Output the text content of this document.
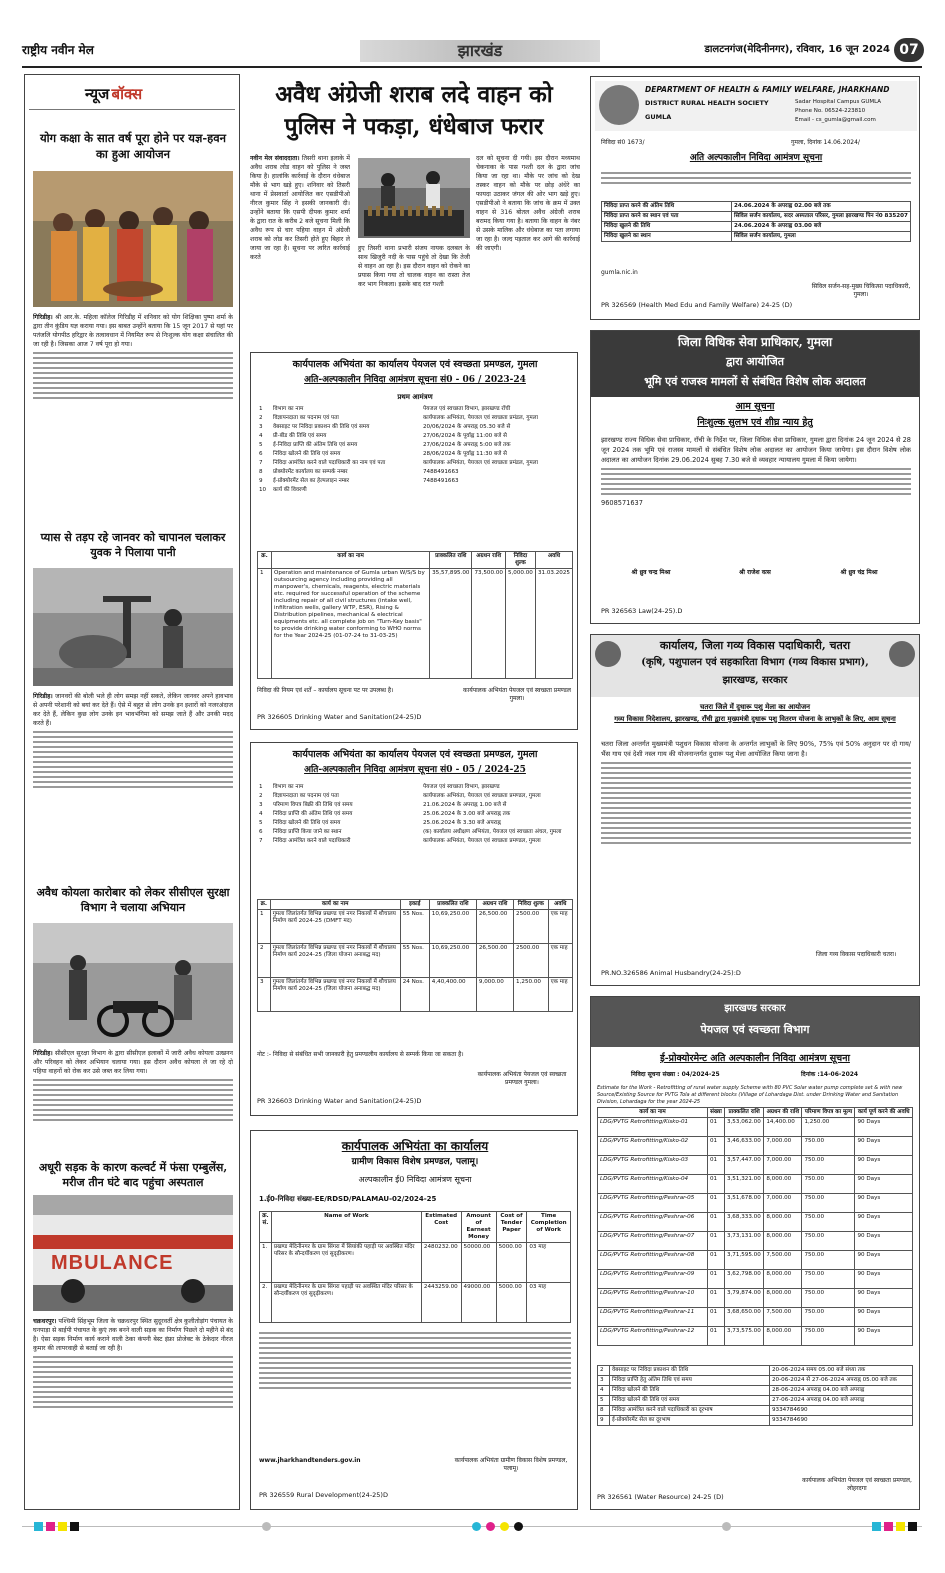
राष्ट्रीय नवीन मेल	झारखंड	डालटनगंज(मेदिनीनगर), रविवार, 16 जून 2024 07
न्यूज बॉक्स
योग कक्षा के सात वर्ष पूरा होने पर यज्ञ-हवन का हुआ आयोजन
गिरिडीह। श्री आर.के. महिला कॉलेज गिरिडीह में शनिवार को योग शिक्षिका पुष्पा शर्मा के द्वारा तीन कुंडिय यज्ञ कराया गया। इस बाबत उन्होंने बताया कि 15 जून 2017 से यहां पर पतंजलि योगपीठ हरिद्वार के तत्वावधान में नियमित रूप से निःशुल्क योग कक्षा संचालित की जा रही है। जिसका आज 7 वर्ष पूरा हो गया।
प्यास से तड़प रहे जानवर को चापानल चलाकर युवक ने पिलाया पानी
गिरिडीह। जानवरों की बोली भले ही लोग समझ नहीं सकते, लेकिन जानवर अपने हावभाव से अपनी परेशानी को बयां कर देते हैं। ऐसे में बहुत से लोग उनके इन इशारों को नजरअंदाज कर देते हैं, लेकिन कुछ लोग उनके इन भावभंगिमा को समझ जाते हैं और उनकी मदद करते हैं।
अवैध कोयला कारोबार को लेकर सीसीएल सुरक्षा विभाग ने चलाया अभियान
गिरिडीह। सीसीएल सुरक्षा विभाग के द्वारा सीसीएल इलाकों में जारी अवैध कोयला उत्खनन और परिवहन को लेकर अभियान चलाया गया। इस दौरान अवैध कोयला ले जा रहे दो पहिया वाहनों को रोक कर उसे जब्त कर लिया गया।
अधूरी सड़क के कारण कल्वर्ट में फंसा एम्बुलेंस, मरीज तीन घंटे बाद पहुंचा अस्पताल
MBULANCE
चक्रधरपुर। पश्चिमी सिंहभूम जिला के चक्रधरपुर स्थित सुदूरवर्ती क्षेत्र कुलीतोड़ांग पंचायत के घनपाड़ा से बाईपी पंचायत के कुएं तक बनने वाली सड़क का निर्माण पिछले दो महीने से बंद है। ऐसा सड़क निर्माण कार्य कराने वाली ठेका कंपनी बेस्ट इंफ्रा प्रोजेक्ट के ठेकेदार नीरज कुमार की लापरवाही से बताई जा रही है।
अवैध अंग्रेजी शराब लदे वाहन को
पुलिस ने पकड़ा, धंधेबाज फरार
नवीन मेल संवाददाता। तिसरी थाना इलाके में अवैध शराब लोड वाहन को पुलिस ने जब्त किया है। हालांकि कार्रवाई के दौरान धंधेबाज मौके से भाग खड़े हुए। शनिवार को तिसरी थाना में प्रेसवार्ता आयोजित कर एसडीपीओ नीरज कुमार सिंह ने इसकी जानकारी दी। उन्होंने बताया कि एसपी दीपक कुमार शर्मा के द्वारा रात के करीब 2 बजे सूचना मिली कि अवैध रूप से चार पहिया वाहन में अंग्रेजी शराब को लोड कर तिसरी होते हुए बिहार ले जाया जा रहा है। सूचना पर त्वरित कार्रवाई करते
हुए तिसरी थाना प्रभारी संजय नायक दलबल के साथ खिजुरी नदी के पास पहुंचे तो देखा कि तेजी से वाहन आ रहा है। इस दौरान वाहन को रोकने का प्रयास किया गया तो चालक वाहन का रास्ता तेज कर भाग निकला। इसके बाद रात गश्ती
दल को सूचना दी गयी। इस दौरान मध्यमाथ चेकनाका के पास गश्ती दल के द्वारा जांच किया जा रहा था। मौके पर जांच को देख तस्कर वाहन को मौके पर छोड़ अंधेरे का फायदा उठाकर जंगल की ओर भाग खड़े हुए। एसडीपीओ ने बताया कि जांच के क्रम में उक्त वाहन से 316 बोतल अवैध अंग्रेजी शराब बरामद किया गया है। बताया कि वाहन के नंबर से उसके मालिक और धंधेबाज का पता लगाया जा रहा है। जल्द पड़ताल कर आगे की कार्रवाई की जाएगी।
कार्यपालक अभियंता का कार्यालय पेयजल एवं स्वच्छता प्रमण्डल, गुमला
अति-अल्पकालीन निविदा आमंत्रण सूचना सं0 - 06 / 2023-24
प्रथम आमंत्रण
1	विभाग का नाम	पेयजल एवं स्वच्छता विभाग, झारखण्ड राँची
2	विज्ञापनदाता का पदनाम एवं पता	कार्यपालक अभियंता, पेयजल एवं स्वच्छता प्रमंडल, गुमला
3	वेबसाइट पर निविदा प्रकाशन की तिथि एवं समय	20/06/2024 के अपराह्न 05.30 बजे से
4	प्री-बीड की तिथि एवं समय	27/06/2024 के पूर्वाह्न 11:00 बजे से
5	ई-निविदा प्राप्ति की अंतिम तिथि एवं समय	27/06/2024 के अपराह्न 5:00 बजे तक
6	निविदा खोलने की तिथि एवं समय	28/06/2024 के पूर्वाह्न 11:30 बजे से
7	निविदा आमंत्रित करने वाले पदाधिकारी का नाम एवं पता	कार्यपालक अभियंता, पेयजल एवं स्वच्छता प्रमंडल, गुमला
8	प्रोक्योरमेंट कार्यालय का सम्पर्क नम्बर	7488491663
9	ई-प्रोक्योरमेंट सेल का हेल्पलाइन नम्बर	7488491663
10	कार्य की विवरणी	
क्र.	कार्य का नाम	प्राक्कलित राशि	अग्रधन राशि	निविदा शुल्क	अवधि
1	Operation and maintenance of Gumla urban W/S/S by outsourcing agency including providing all manpower's, chemicals, reagents, electric materials etc. required for successful operation of the scheme including repair of all civil structures (intake well, infiltration wells, gallery WTP, ESR), Rising & Distribution pipelines, mechanical & electrical equipments etc. all complete job on "Turn-Key basis" to provide drinking water conforming to WHO norms for the Year 2024-25 (01-07-24 to 31-03-25)	35,57,895.00	73,500.00	5,000.00	31.03.2025
निविदा की नियम एवं शर्तें – कार्यालय सूचना पट पर उपलब्ध है।	कार्यपालक अभियंता पेयजल एवं स्वच्छता प्रमण्डल गुमला।
PR 326605 Drinking Water and Sanitation(24-25)D
कार्यपालक अभियंता का कार्यालय पेयजल एवं स्वच्छता प्रमण्डल, गुमला
अति-अल्पकालीन निविदा आमंत्रण सूचना सं0 - 05 / 2024-25
1	विभाग का नाम	पेयजल एवं स्वच्छता विभाग, झारखण्ड
2	विज्ञापनदाता का पदनाम एवं पता	कार्यपालक अभियंता, पेयजल एवं स्वच्छता प्रमण्डल, गुमला
3	परिमाण विपत्र बिक्री की तिथि एवं समय	21.06.2024 के अपराह्न 1.00 बजे से
4	निविदा प्राप्ति की अंतिम तिथि एवं समय	25.06.2024 के 3.00 बजे अपराह्न तक
5	निविदा खोलने की तिथि एवं समय	25.06.2024 के 3.30 बजे अपराह्न
6	निविदा प्राप्ति किया जाने का स्थान	(क) कार्यालय अधीक्षण अभियंता, पेयजल एवं स्वच्छता अंचल, गुमला
7	निविदा आमंत्रित करने वाले पदाधिकारी	कार्यपालक अभियंता, पेयजल एवं स्वच्छता प्रमण्डल, गुमला
क्र.	कार्य का नाम	इकाई	प्राक्कलित राशि	अग्रधन राशि	निविदा शुल्क	अवधि
1	गुमला जिलांतर्गत विभिन्न प्रखण्ड एवं नगर निकायों में शौचालय निर्माण कार्य 2024-25 (DMFT मद)	55 Nos.	10,69,250.00	26,500.00	2500.00	एक माह
2	गुमला जिलांतर्गत विभिन्न प्रखण्ड एवं नगर निकायों में शौचालय निर्माण कार्य 2024-25 (जिला योजना अनाबद्ध मद)	55 Nos.	10,69,250.00	26,500.00	2500.00	एक माह
3	गुमला जिलांतर्गत विभिन्न प्रखण्ड एवं नगर निकायों में शौचालय निर्माण कार्य 2024-25 (जिला योजना अनाबद्ध मद)	24 Nos.	4,40,400.00	9,000.00	1,250.00	एक माह
नोट :- निविदा से संबंधित सभी जानकारी हेतु प्रमण्डलीय कार्यालय से सम्पर्क किया जा सकता है।
कार्यपालक अभियंता पेयजल एवं स्वच्छता प्रमण्डल गुमला।
PR 326603 Drinking Water and Sanitation(24-25)D
कार्यपालक अभियंता का कार्यालय
ग्रामीण विकास विशेष प्रमण्डल, पलामू।
अल्पकालीन ई0 निविदा आमंत्रण सूचना
1.ई0-निविदा संख्या-EE/RDSD/PALAMAU-02/2024-25
क्र. सं.	Name of Work	Estimated Cost	Amount of Earnest Money	Cost of Tender Paper	Time Completion of Work
1.	प्रखण्ड मेदिनीनगर के ग्राम सिंगरा में सियांकी पहाड़ी पर अवस्थित मंदिर परिसर के सौन्दर्यीकरण एवं सुदृढ़ीकरण।	2480232.00	50000.00	5000.00	03 माह
2.	प्रखण्ड मेदिनीनगर के ग्राम सिंगरा पहाड़ी पर अवस्थित मंदिर परिसर के सौन्दर्यीकरण एवं सुदृढ़ीकरण।	2443259.00	49000.00	5000.00	03 माह
www.jharkhandtenders.gov.in	कार्यपालक अभियंता ग्रामीण विकास विशेष प्रमण्डल, पलामू।
PR 326559 Rural Development(24-25)D
DEPARTMENT OF HEALTH & FAMILY WELFARE, JHARKHAND
DISTRICT RURAL HEALTH SOCIETY
GUMLA
Sadar Hospital Campus GUMLA
Phone No. 06524-223810
Email - cs_gumla@gmail.com
निविदा सं0 1673/	गुमला, दिनांक 14.06.2024/
अति अल्पकालीन निविदा आमंत्रण सूचना
निविदा प्राप्त करने की अंतिम तिथि	24.06.2024 के अपराह्न 02.00 बजे तक
निविदा प्राप्त करने का स्थान एवं पता	सिविल सर्जन कार्यालय, सदर अस्पताल परिसर, गुमला झारखण्ड पिन नं0 835207
निविदा खुलने की तिथि	24.06.2024 के अपराह्न 03.00 बजे
निविदा खुलने का स्थान	सिविल सर्जन कार्यालय, गुमला
gumla.nic.in
सिविल सर्जन-सह-मुख्य चिकित्सा पदाधिकारी, गुमला।
PR 326569 (Health Med Edu and Family Welfare) 24-25 (D)
जिला विधिक सेवा प्राधिकार, गुमला
द्वारा आयोजित
भूमि एवं राजस्व मामलों से संबंधित विशेष लोक अदालत
आम सूचना
निःशुल्क सुलभ एवं शीघ्र न्याय हेतु
झारखण्ड राज्य विधिक सेवा प्राधिकार, राँची के निर्देश पर, जिला विधिक सेवा प्राधिकार, गुमला द्वारा दिनांक 24 जून 2024 से 28 जून 2024 तक भूमि एवं राजस्व मामलों से संबंधित विशेष लोक अदालत का आयोजन किया जायेगा। इस दौरान विशेष लोक अदालत का आयोजन दिनांक 29.06.2024 सुबह 7.30 बजे से व्यवहार न्यायालय गुमला में किया जायेगा।
9608571637
श्री ध्रुव चन्द्र मिश्रा	श्री राजेश वत्स	श्री ध्रुव चंद्र मिश्रा
PR 326563 Law(24-25).D
कार्यालय, जिला गव्य विकास पदाधिकारी, चतरा
(कृषि, पशुपालन एवं सहकारिता विभाग (गव्य विकास प्रभाग),
झारखण्ड, सरकार
चतरा जिले में दुधारू पशु मेला का आयोजन
गव्य विकास निदेशालय, झारखण्ड, राँची द्वारा मुख्यमंत्री दुधारू पशु वितरण योजना के लाभुकों के लिए, आम सूचना
चतरा जिला अन्तर्गत मुख्यमंत्री पशुधन विकास योजना के अन्तर्गत लाभुकों के लिए 90%, 75% एवं 50% अनुदान पर दो गाय/भैंस गाय एवं देशी नस्ल गाय की योजनान्तर्गत दुधारू पशु मेला आयोजित किया जाना है।
जिला गव्य विकास पदाधिकारी चतरा।
PR.NO.326586 Animal Husbandry(24-25):D
झारखण्ड सरकार
पेयजल एवं स्वच्छता विभाग
ई-प्रोक्योरमेन्ट अति अल्पकालीन निविदा आमंत्रण सूचना
निविदा सूचना संख्या : 04/2024-25	दिनांक :14-06-2024
Estimate for the Work - Retrofitting of rural water supply Scheme with 80 PVC Solar water pump complete set & with new Source/Existing Source for PVTG Tola at different blocks (Village of Lohardaga Dist. under Drinking Water and Sanitation Division, Lohardaga for the year 2024-25
कार्य का नाम	संख्या	प्राक्कलित राशि	अग्रधन की राशि	परिमाण विपत्र का मूल्य	कार्य पूर्ण करने की अवधि
LDG/PVTG Retrofitting/Kisko-01	01	3,53,062.00	14,400.00	1,250.00	90 Days
LDG/PVTG Retrofitting/Kisko-02	01	3,46,633.00	7,000.00	750.00	90 Days
LDG/PVTG Retrofitting/Kisko-03	01	3,57,447.00	7,000.00	750.00	90 Days
LDG/PVTG Retrofitting/Kisko-04	01	3,51,321.00	8,000.00	750.00	90 Days
LDG/PVTG Retrofitting/Peshrar-05	01	3,51,678.00	7,000.00	750.00	90 Days
LDG/PVTG Retrofitting/Peshrar-06	01	3,68,333.00	8,000.00	750.00	90 Days
LDG/PVTG Retrofitting/Peshrar-07	01	3,73,131.00	8,000.00	750.00	90 Days
LDG/PVTG Retrofitting/Peshrar-08	01	3,71,595.00	7,500.00	750.00	90 Days
LDG/PVTG Retrofitting/Peshrar-09	01	3,62,798.00	8,000.00	750.00	90 Days
LDG/PVTG Retrofitting/Peshrar-10	01	3,79,874.00	8,000.00	750.00	90 Days
LDG/PVTG Retrofitting/Peshrar-11	01	3,68,650.00	7,500.00	750.00	90 Days
LDG/PVTG Retrofitting/Peshrar-12	01	3,73,575.00	8,000.00	750.00	90 Days
2	वेबसाइट पर निविदा प्रकाशन की तिथि	20-06-2024 समय 05.00 बजे संध्या तक
3	निविदा प्राप्ति हेतु अंतिम तिथि एवं समय	20-06-2024 से 27-06-2024 अपराह्न 05.00 बजे तक
4	निविदा खोलने की तिथि	28-06-2024 अपराह्न 04.00 बजे अपराह्न
5	निविदा खोलने की तिथि एवं समय	27-06-2024 अपराह्न 04.00 बजे अपराह्न
8	निविदा आमंत्रित करने वाले पदाधिकारी का दूरभाष	9334784690
9	ई-प्रोक्योरमेंट सेल का दूरभाष	9334784690
कार्यपालक अभियंता पेयजल एवं स्वच्छता प्रमण्डल, लोहरदगा
PR 326561 (Water Resource) 24-25 (D)
